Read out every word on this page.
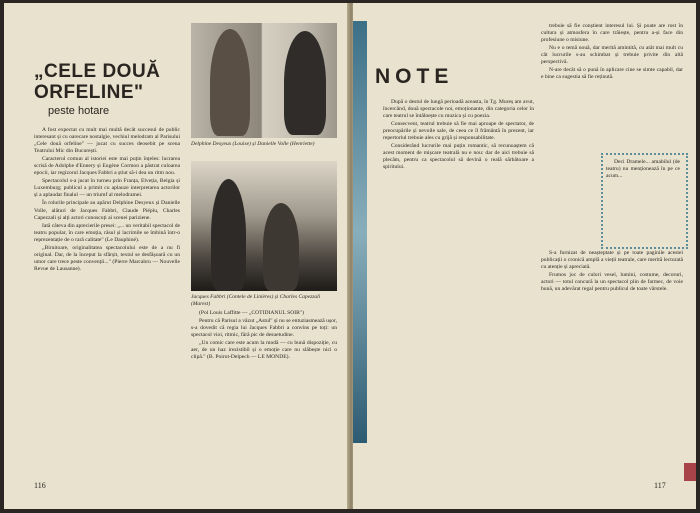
„CELE DOUĂ ORFELINE"
peste hotare

A fost expectat cu mult mai multă decât succesul de public interesant și cu oarecare nostalgie, vechiul melodram al Parisului „Cele două orfeline" — jucat cu succes deosebit pe scena Teatrului Mic din București.

Caracterul comun al istoriei este mai puțin înțeles: lucrarea scrisă de Adolphe d'Ennery și Eugène Cormon a păstrat culoarea epocii, iar regizorul Jacques Fabbri a știut să-i dea un ritm nou.

Spectacolul s-a jucat în turneu prin Franța, Elveția, Belgia și Luxemburg; publicul a primit cu aplauze interpretarea actorilor și a aplaudat finalul — un triumf al melodramei.

În rolurile principale au apărut Delphine Desyeux și Danielle Volle, alături de Jacques Fabbri, Claude Piéplu, Charles Capezzali și alți actori cunoscuți ai scenei pariziene.

Iată câteva din aprecierile presei: „... un veritabil spectacol de teatru popular, în care emoția, râsul și lacrimile se îmbină într-o reprezentație de o rară calitate" (Le Dauphiné).

„Biruitoare, originalitatea spectacolului este de a nu fi original. Dar, de la început la sfârșit, textul se desfășoară cu un umor care trece peste convenții..." (Pierre Marcabru — Nouvelle Revue de Lausanne).

Delphine Desyeux (Louise) și Danielle Volle (Henriette)
Jacques Fabbri (Contele de Linières) și Charles Capezzali (Marest)

(Pol Louis Laffitte — „COTIDIANUL SOIR")

Pentru că Parisul a văzut „Astul" și nu se entuziasmează ușor, s-a dovedit că regia lui Jacques Fabbri a convins pe toți: un spectacol vioi, ritmic, fără pic de desuetudine.

„Un comic care este acum la modă — cu bună dispoziție, cu aer, de un haz irezistibil și o emoție care nu slăbește nici o clipă." (B. Poirot-Delpech — LE MONDE).

116
NOTE

După o destul de lungă perioadă aceasta, în Tg. Mureș am avut, încercând, două spectacole noi, emoționante, din categoria celor în care teatrul se întâlnește cu muzica și cu poezia.

Consecvent, teatrul trebuie să fie mai aproape de spectator, de preocupările și nevoile sale, de ceea ce îl frământă în prezent, iar repertoriul trebuie ales cu grijă și responsabilitate.

Considerând lucrurile mai puțin romantic, să recunoaștem că acest moment de mișcare teatrală nu e nou: dar de aici trebuie să plecăm, pentru ca spectacolul să devină o reală sărbătoare a spiritului.

trebuie să fie conștient interesul lui. Și poate are rost în cultura și atmosfera în care trăiește, pentru a-și face din profesiune o misiune.

Nu e o temă nouă, dar merită amintită, cu atât mai mult cu cât lucrurile s-au schimbat și trebuie privite din altă perspectivă.

N-are decât să o pună în aplicare cine se simte capabil, dar e bine ca sugestia să fie reținută.

Deci Dramele... amabilul (de teatru) nu menționează în pe ce acum...

S-a furnizat de neașteptate și pe toate paginile acestei publicații o cronică amplă a vieții teatrale, care merită lecturată cu atenție și apreciată.

Frumos joc de culori vesel, lumini, costume, decoruri, actori — totul concură la un spectacol plin de farmec, de voie bună, un adevărat regal pentru publicul de toate vârstele.

117
